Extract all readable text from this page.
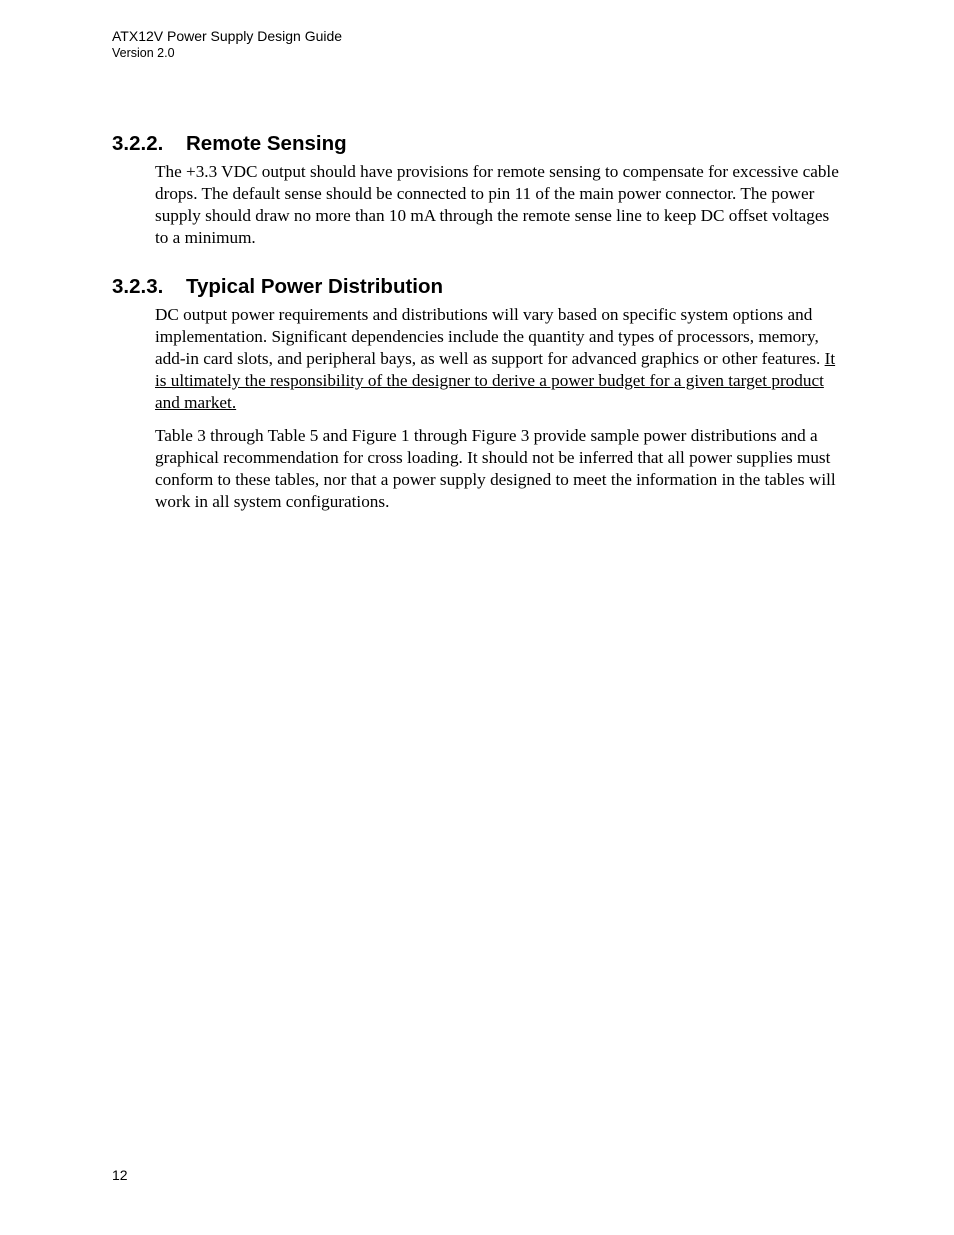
ATX12V Power Supply Design Guide
Version 2.0
3.2.2. Remote Sensing

The +3.3 VDC output should have provisions for remote sensing to compensate for excessive cable drops. The default sense should be connected to pin 11 of the main power connector. The power supply should draw no more than 10 mA through the remote sense line to keep DC offset voltages to a minimum.

3.2.3. Typical Power Distribution

DC output power requirements and distributions will vary based on specific system options and implementation. Significant dependencies include the quantity and types of processors, memory, add-in card slots, and peripheral bays, as well as support for advanced graphics or other features. It is ultimately the responsibility of the designer to derive a power budget for a given target product and market.

Table 3 through Table 5 and Figure 1 through Figure 3 provide sample power distributions and a graphical recommendation for cross loading. It should not be inferred that all power supplies must conform to these tables, nor that a power supply designed to meet the information in the tables will work in all system configurations.

12
